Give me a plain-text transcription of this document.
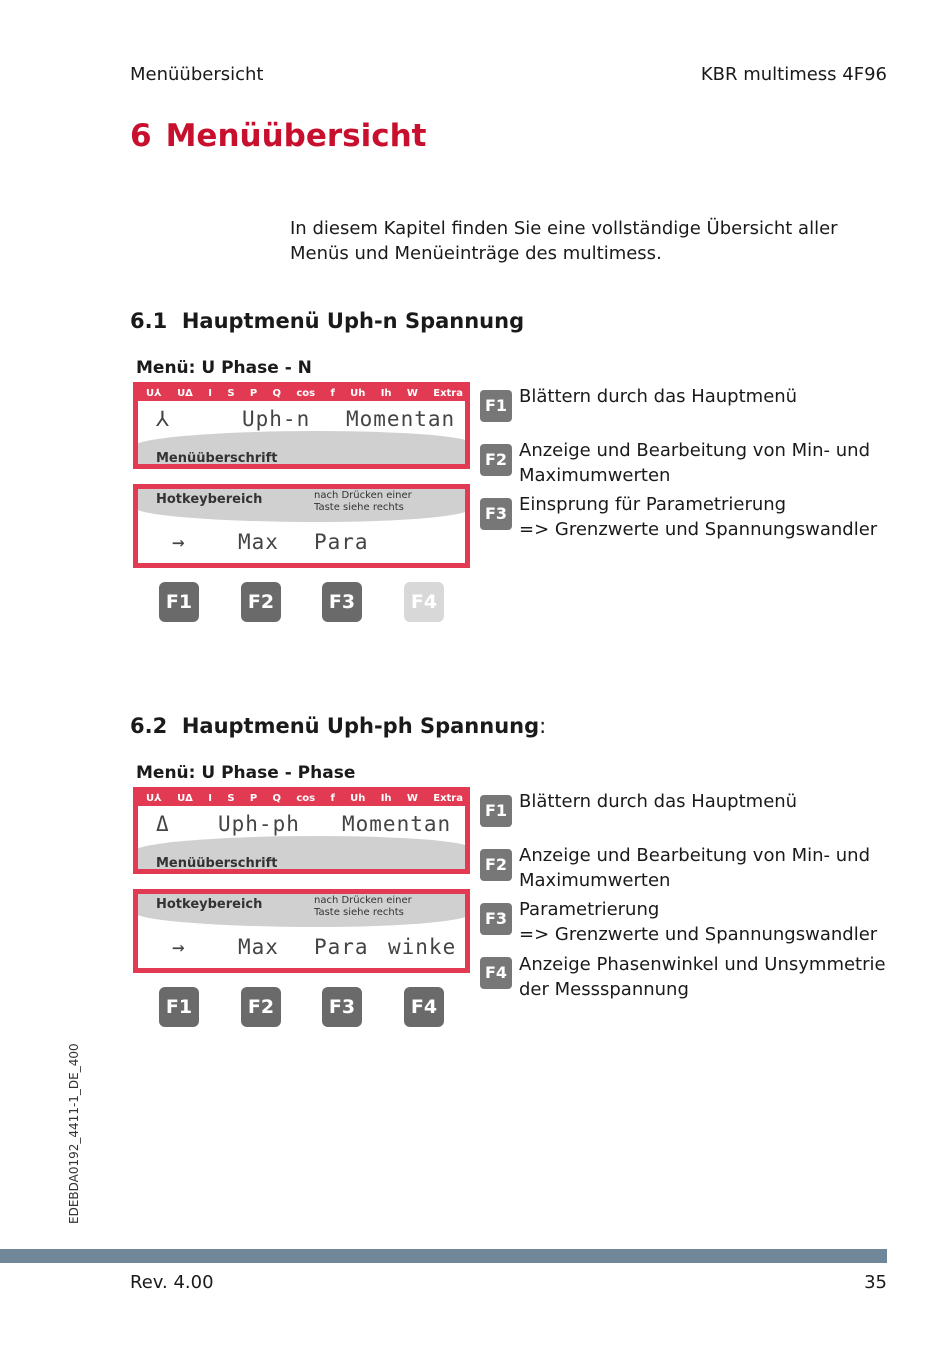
Menüübersicht	KBR multimess 4F96
6 Menüübersicht
In diesem Kapitel finden Sie eine vollständige Übersicht aller Menüs und Menüeinträge des multimess.
6.1 Hauptmenü Uph-n Spannung
Menü: U Phase - N
U⅄ UΔ I S P Q cos f Uh Ih W Extra
⅄	Uph-n Momentan
Menüüberschrift
Hotkeybereich	nach Drücken einer Taste siehe rechts
→ Max Para
F1	F2	F3	F4
F1 Blättern durch das Hauptmenü
F2 Anzeige und Bearbeitung von Min- und Maximumwerten
F3 Einsprung für Parametrierung
=> Grenzwerte und Spannungswandler
6.2 Hauptmenü Uph-ph Spannung:
Menü: U Phase - Phase
U⅄ UΔ I S P Q cos f Uh Ih W Extra
Δ Uph-ph Momentan
Menüüberschrift
Hotkeybereich	nach Drücken einer Taste siehe rechts
→ Max Para winke
F1	F2	F3	F4
F1 Blättern durch das Hauptmenü
F2 Anzeige und Bearbeitung von Min- und Maximumwerten
F3 Parametrierung
=> Grenzwerte und Spannungswandler
F4 Anzeige Phasenwinkel und Unsymmetrie der Messspannung
EDEBDA0192_4411-1_DE_400
Rev. 4.00	35
